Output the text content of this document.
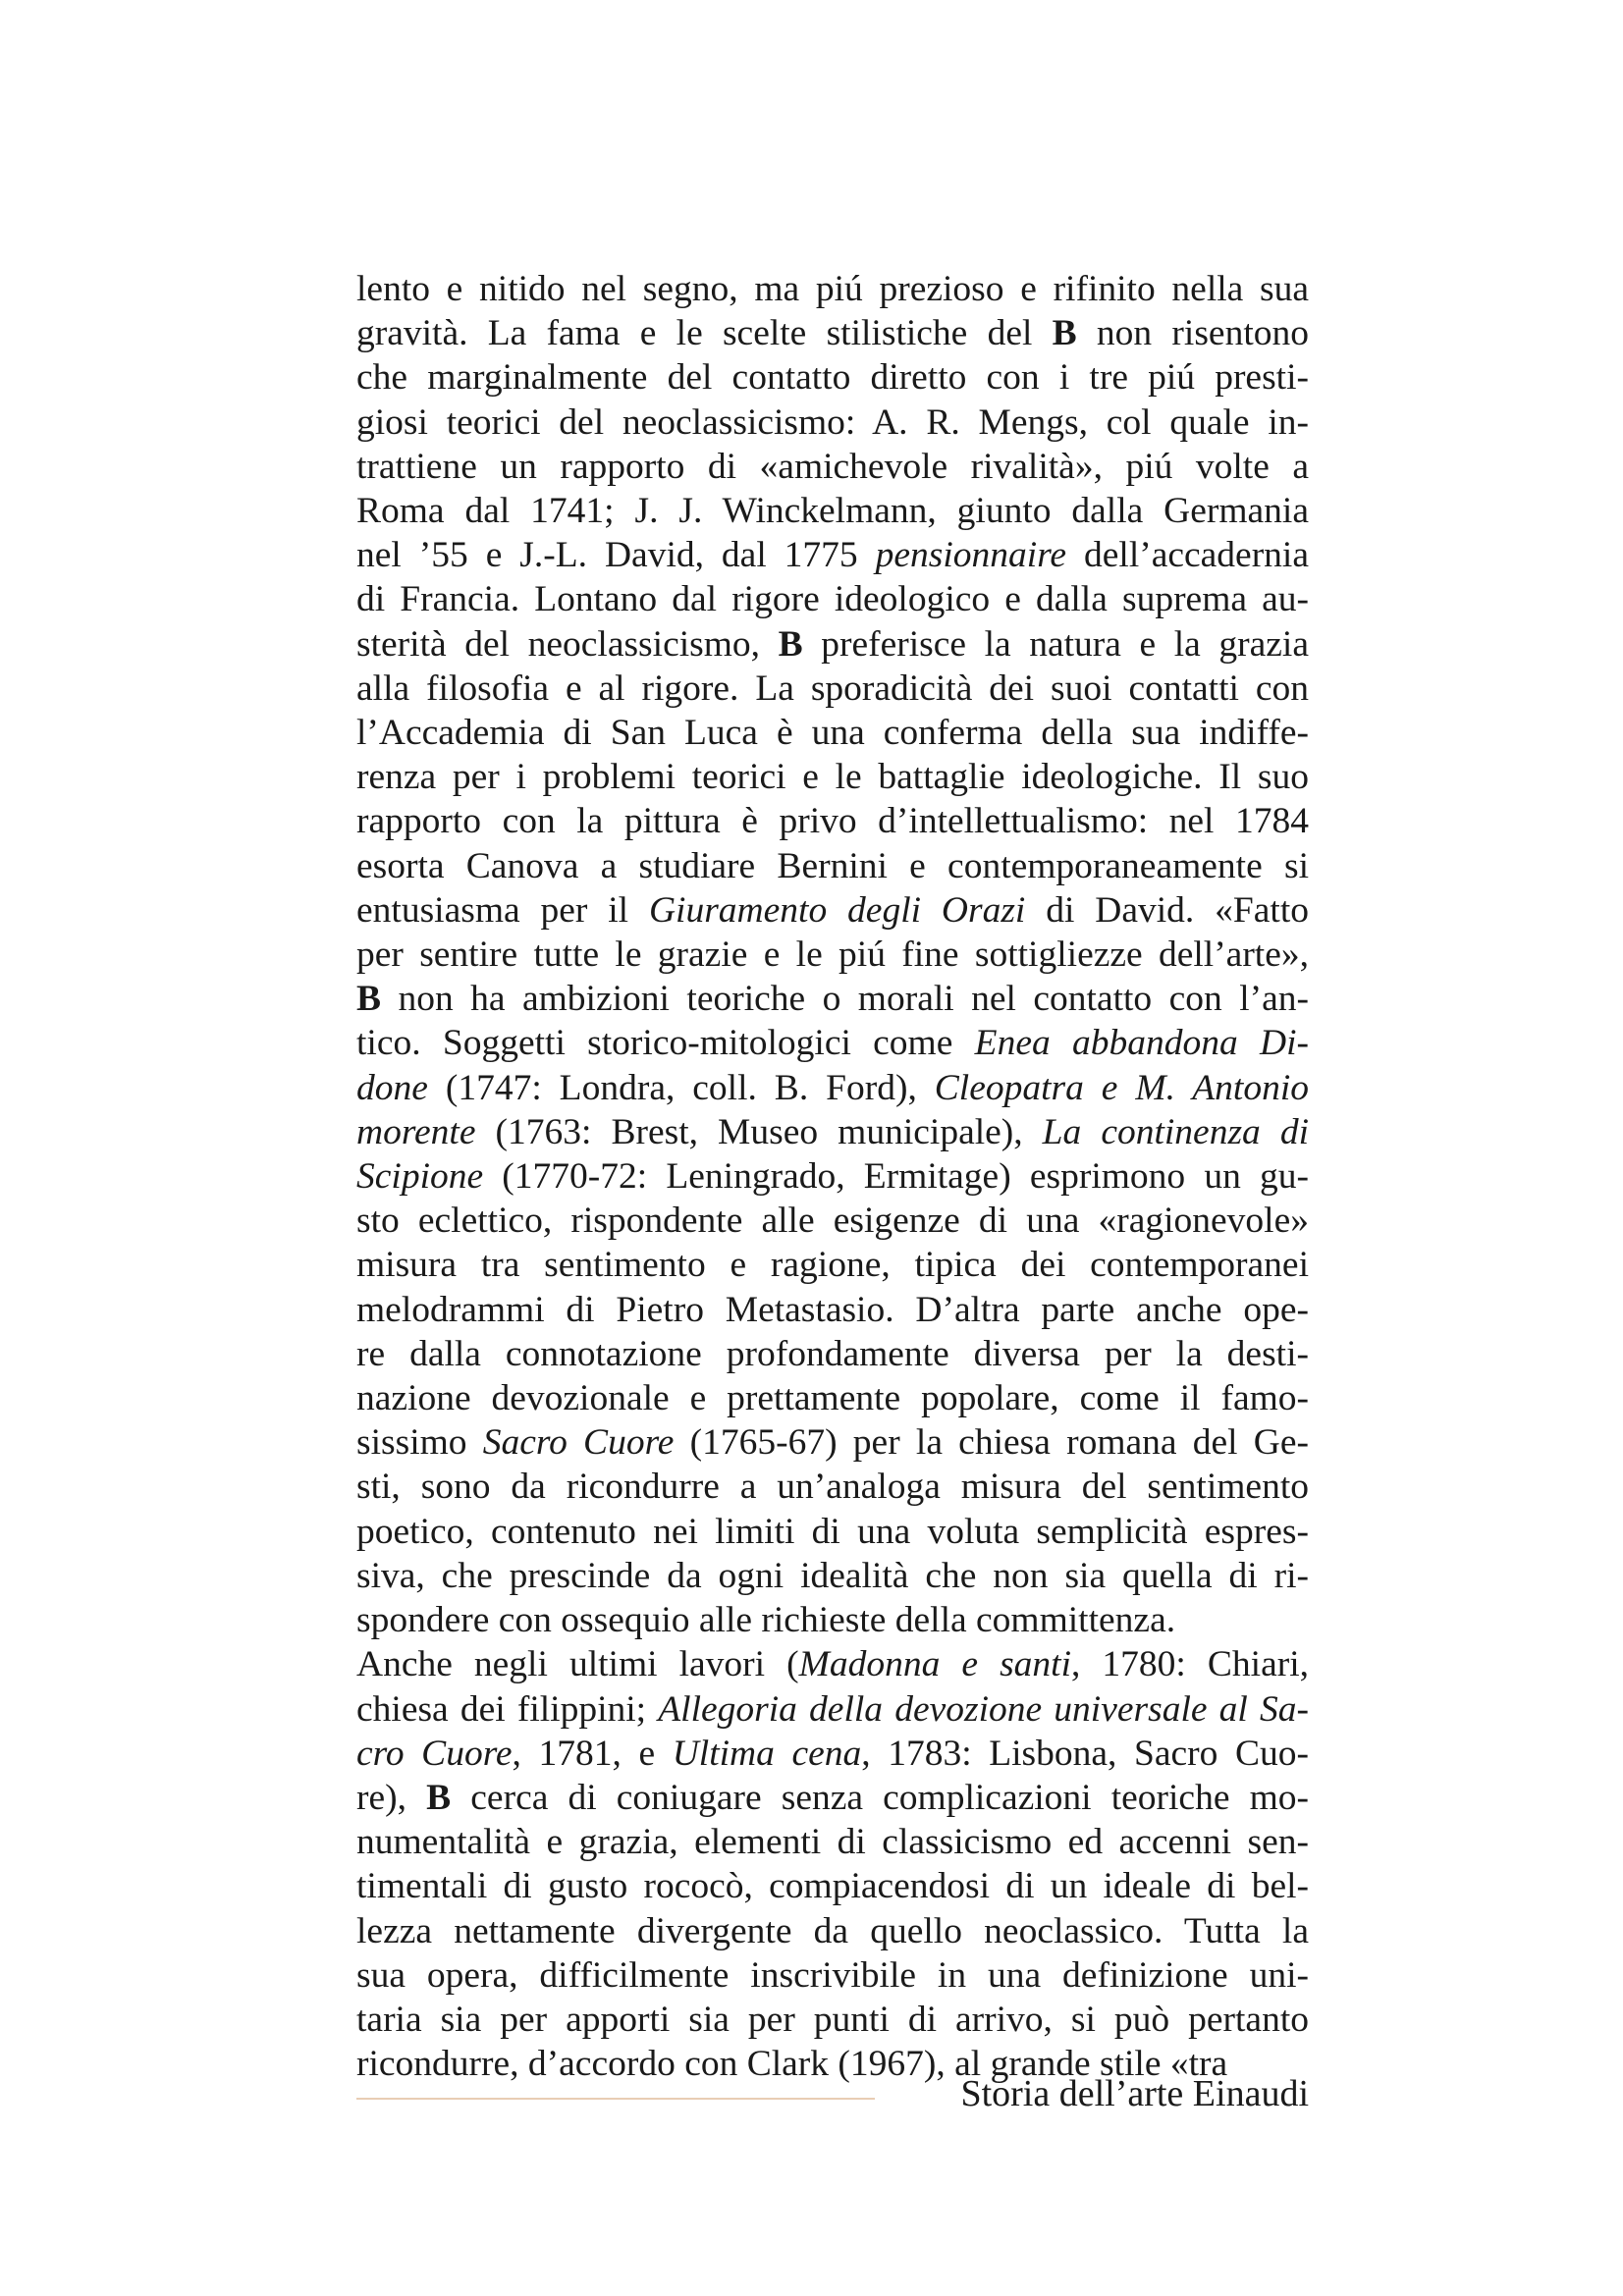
lento e nitido nel segno, ma piú prezioso e rifinito nella sua
gravità. La fama e le scelte stilistiche del B non risentono
che marginalmente del contatto diretto con i tre piú presti-
giosi teorici del neoclassicismo: A. R. Mengs, col quale in-
trattiene un rapporto di «amichevole rivalità», piú volte a
Roma dal 1741; J. J. Winckelmann, giunto dalla Germania
nel ’55 e J.-L. David, dal 1775 pensionnaire dell’accadernia
di Francia. Lontano dal rigore ideologico e dalla suprema au-
sterità del neoclassicismo, B preferisce la natura e la grazia
alla filosofia e al rigore. La sporadicità dei suoi contatti con
l’Accademia di San Luca è una conferma della sua indiffe-
renza per i problemi teorici e le battaglie ideologiche. Il suo
rapporto con la pittura è privo d’intellettualismo: nel 1784
esorta Canova a studiare Bernini e contemporaneamente si
entusiasma per il Giuramento degli Orazi di David. «Fatto
per sentire tutte le grazie e le piú fine sottigliezze dell’arte»,
B non ha ambizioni teoriche o morali nel contatto con l’an-
tico. Soggetti storico-mitologici come Enea abbandona Di-
done (1747: Londra, coll. B. Ford), Cleopatra e M. Antonio
morente (1763: Brest, Museo municipale), La continenza di
Scipione (1770-72: Leningrado, Ermitage) esprimono un gu-
sto eclettico, rispondente alle esigenze di una «ragionevole»
misura tra sentimento e ragione, tipica dei contemporanei
melodrammi di Pietro Metastasio. D’altra parte anche ope-
re dalla connotazione profondamente diversa per la desti-
nazione devozionale e prettamente popolare, come il famo-
sissimo Sacro Cuore (1765-67) per la chiesa romana del Ge-
sti, sono da ricondurre a un’analoga misura del sentimento
poetico, contenuto nei limiti di una voluta semplicità espres-
siva, che prescinde da ogni idealità che non sia quella di ri-
spondere con ossequio alle richieste della committenza.
Anche negli ultimi lavori (Madonna e santi, 1780: Chiari,
chiesa dei filippini; Allegoria della devozione universale al Sa-
cro Cuore, 1781, e Ultima cena, 1783: Lisbona, Sacro Cuo-
re), B cerca di coniugare senza complicazioni teoriche mo-
numentalità e grazia, elementi di classicismo ed accenni sen-
timentali di gusto rococò, compiacendosi di un ideale di bel-
lezza nettamente divergente da quello neoclassico. Tutta la
sua opera, difficilmente inscrivibile in una definizione uni-
taria sia per apporti sia per punti di arrivo, si può pertanto
ricondurre, d’accordo con Clark (1967), al grande stile «tra
Storia dell’arte Einaudi
